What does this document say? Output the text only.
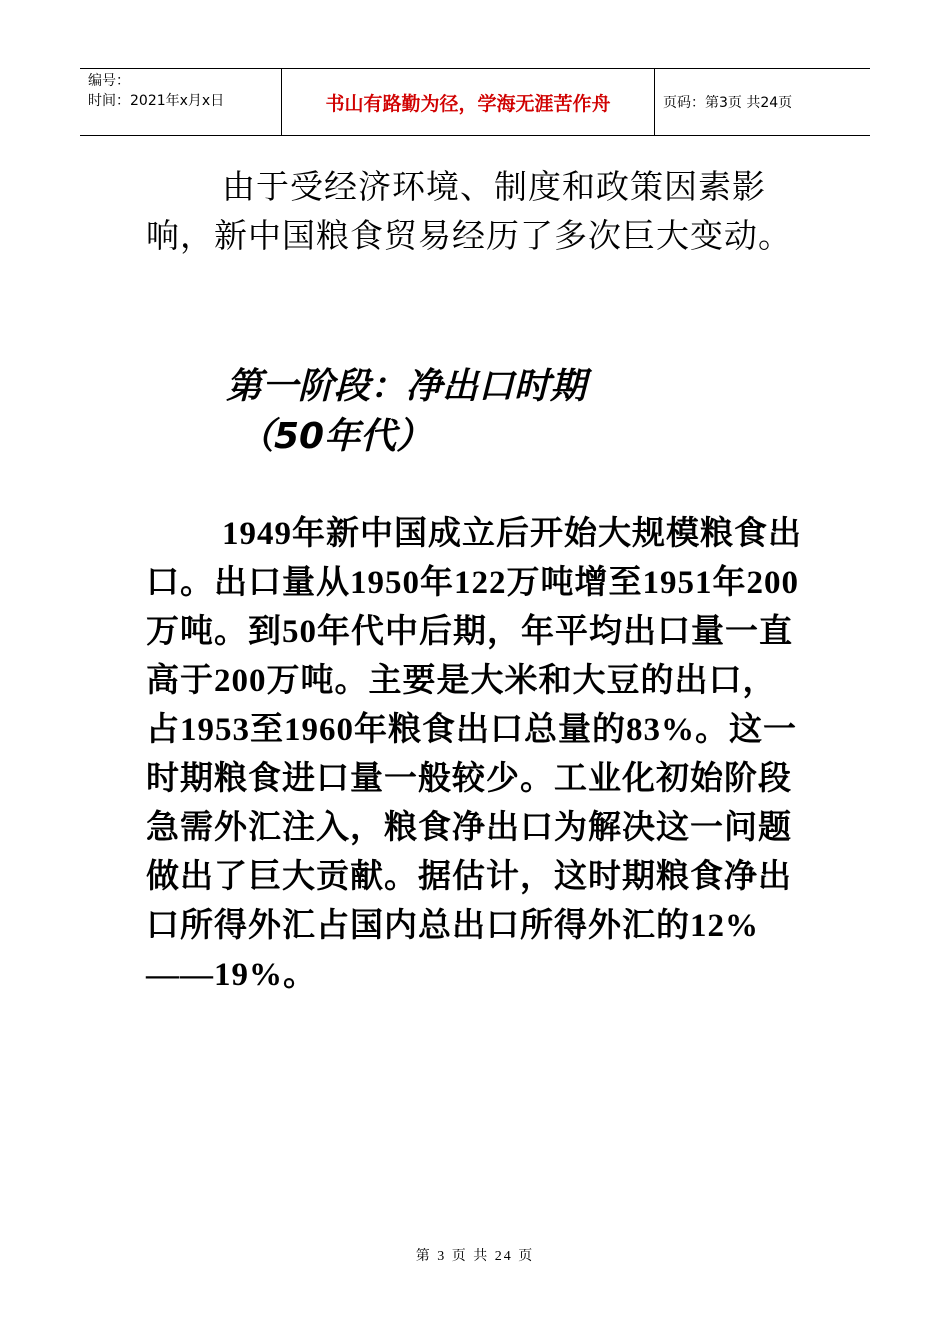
编号：
时间：2021年x月x日	书山有路勤为径，学海无涯苦作舟	页码：第3页 共24页
由于受经济环境、制度和政策因素影响，新中国粮食贸易经历了多次巨大变动。
第一阶段：净出口时期
（50年代）
1949年新中国成立后开始大规模粮食出口。出口量从1950年122万吨增至1951年200万吨。到50年代中后期，年平均出口量一直高于200万吨。主要是大米和大豆的出口，占1953至1960年粮食出口总量的83%。这一时期粮食进口量一般较少。工业化初始阶段急需外汇注入，粮食净出口为解决这一问题做出了巨大贡献。据估计，这时期粮食净出口所得外汇占国内总出口所得外汇的12%——19%。
第 3 页 共 24 页
